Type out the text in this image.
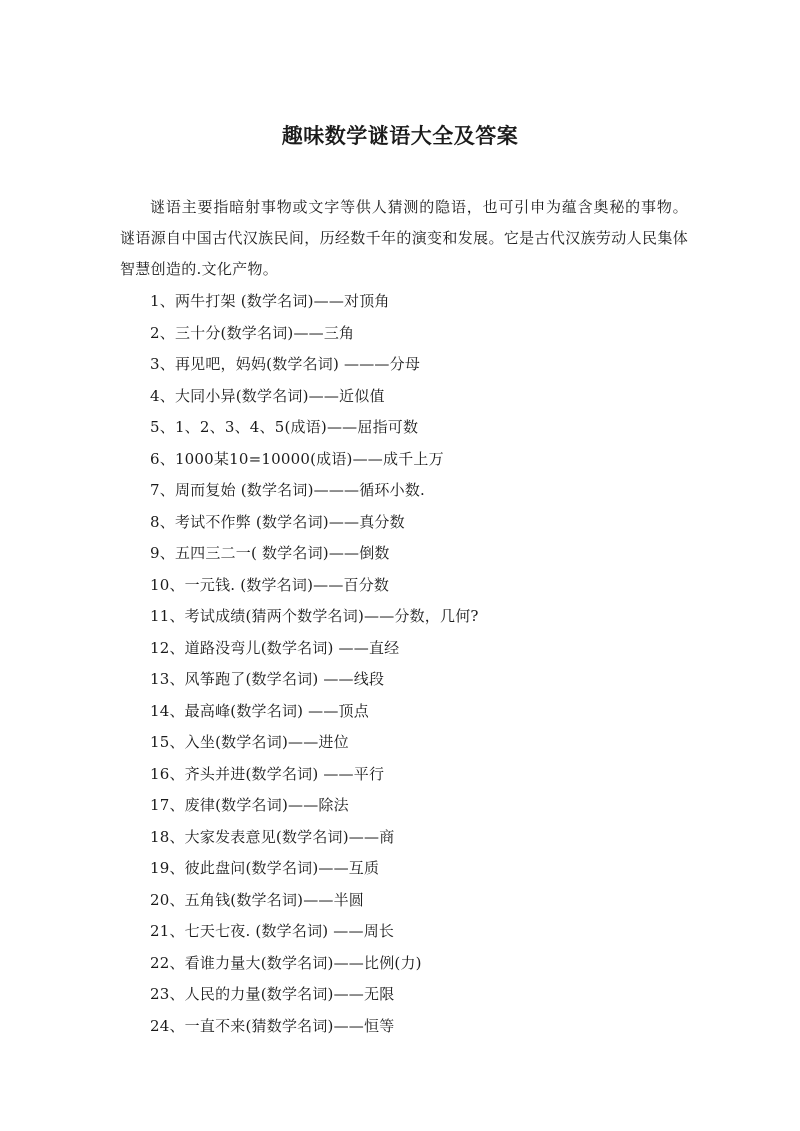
趣味数学谜语大全及答案

谜语主要指暗射事物或文字等供人猜测的隐语，也可引申为蕴含奥秘的事物。 谜语源自中国古代汉族民间，历经数千年的演变和发展。它是古代汉族劳动人民集体智慧创造的.文化产物。

1、两牛打架 (数学名词)——对顶角
2、三十分(数学名词)——三角
3、再见吧，妈妈(数学名词) ———分母
4、大同小异(数学名词)——近似值
5、1、2、3、4、5(成语)——屈指可数
6、1000某10=10000(成语)——成千上万
7、周而复始 (数学名词)———循环小数.
8、考试不作弊 (数学名词)——真分数
9、五四三二一( 数学名词)——倒数
10、一元钱. (数学名词)——百分数
11、考试成绩(猜两个数学名词)——分数，几何?
12、道路没弯儿(数学名词) ——直经
13、风筝跑了(数学名词) ——线段
14、最高峰(数学名词) ——顶点
15、入坐(数学名词)——进位
16、齐头并进(数学名词) ——平行
17、废律(数学名词)——除法
18、大家发表意见(数学名词)——商
19、彼此盘问(数学名词)——互质
20、五角钱(数学名词)——半圆
21、七天七夜. (数学名词) ——周长
22、看谁力量大(数学名词)——比例(力)
23、人民的力量(数学名词)——无限
24、一直不来(猜数学名词)——恒等
